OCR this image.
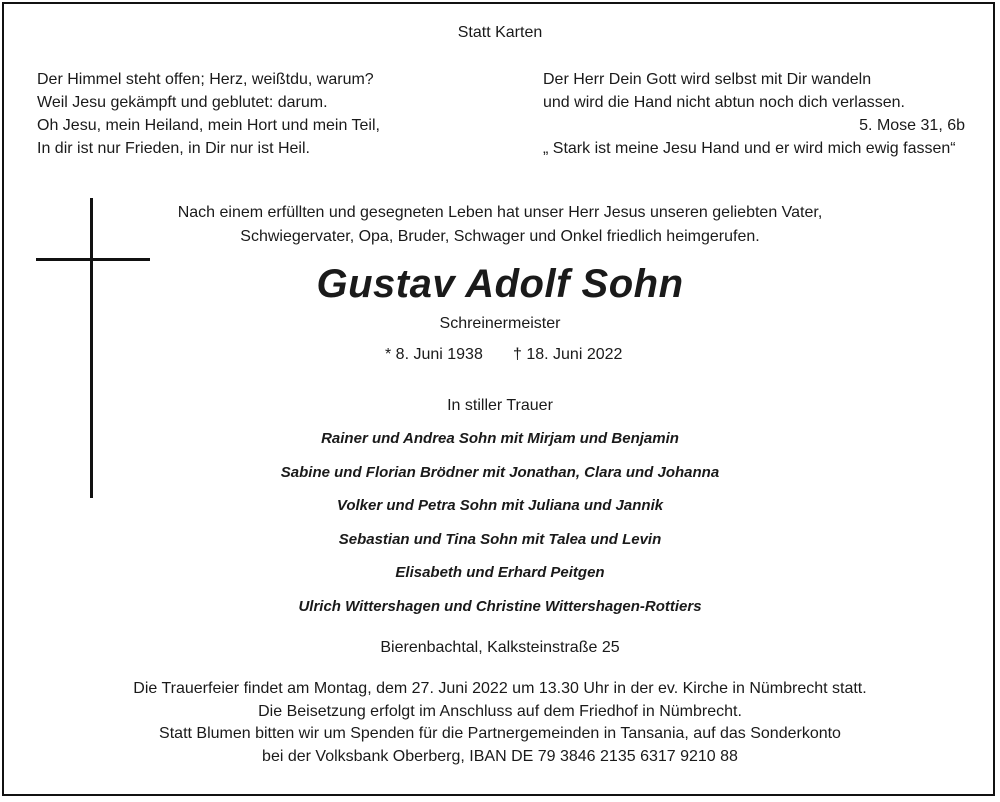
Statt Karten
Der Himmel steht offen; Herz, weißtdu, warum?
Weil Jesu gekämpft und geblutet: darum.
Oh Jesu, mein Heiland, mein Hort und mein Teil,
In dir ist nur Frieden, in Dir nur ist Heil.
Der Herr Dein Gott wird selbst mit Dir wandeln
und wird die Hand nicht abtun noch dich verlassen.
5. Mose 31, 6b
„ Stark ist meine Jesu Hand und er wird mich ewig fassen“
Nach einem erfüllten und gesegneten Leben hat unser Herr Jesus unseren geliebten Vater,
Schwiegervater, Opa, Bruder, Schwager und Onkel friedlich heimgerufen.
Gustav Adolf Sohn
Schreinermeister
* 8. Juni 1938 † 18. Juni 2022
In stiller Trauer
Rainer und Andrea Sohn mit Mirjam und Benjamin
Sabine und Florian Brödner mit Jonathan, Clara und Johanna
Volker und Petra Sohn mit Juliana und Jannik
Sebastian und Tina Sohn mit Talea und Levin
Elisabeth und Erhard Peitgen
Ulrich Wittershagen und Christine Wittershagen-Rottiers
Bierenbachtal, Kalksteinstraße 25
Die Trauerfeier findet am Montag, dem 27. Juni 2022 um 13.30 Uhr in der ev. Kirche in Nümbrecht statt.
Die Beisetzung erfolgt im Anschluss auf dem Friedhof in Nümbrecht.
Statt Blumen bitten wir um Spenden für die Partnergemeinden in Tansania, auf das Sonderkonto
bei der Volksbank Oberberg, IBAN DE 79 3846 2135 6317 9210 88
